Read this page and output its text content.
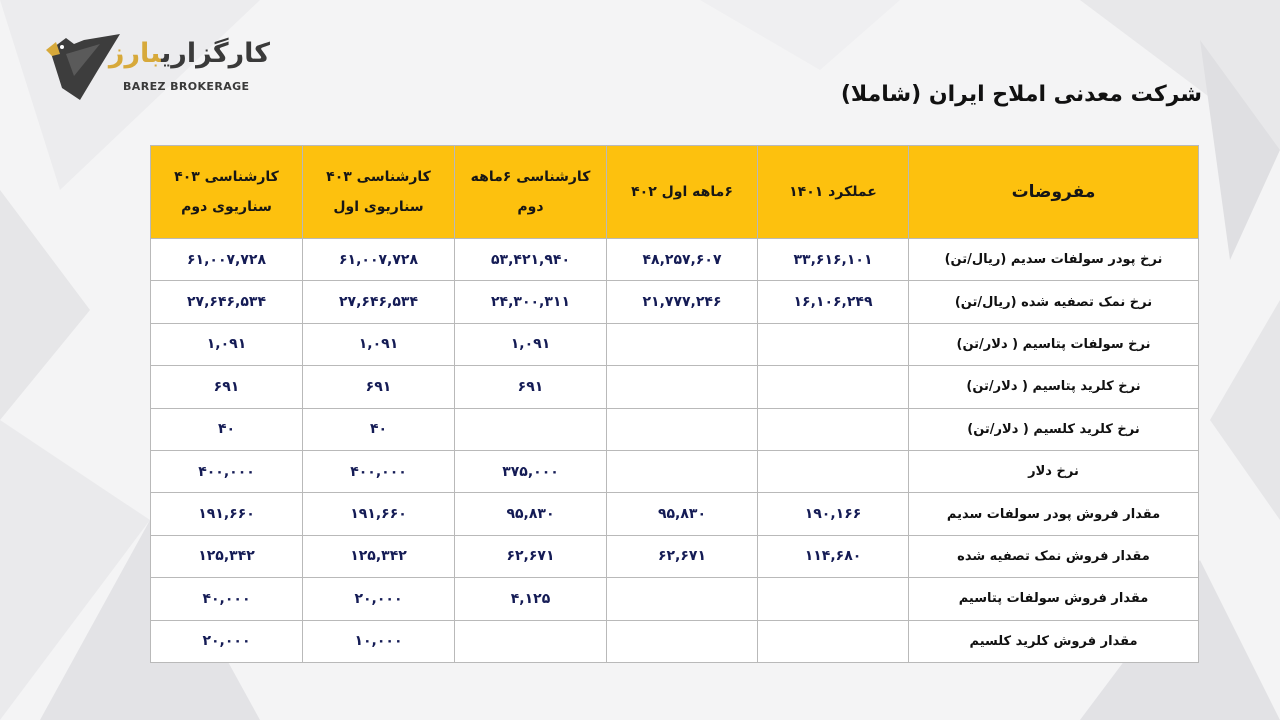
کارگزاریبارز
BAREZ BROKERAGE	شرکت معدنی املاح ایران (شاملا)
مفروضات	عملکرد ۱۴۰۱	۶ماهه اول ۴۰۲	کارشناسی ۶ماهه دوم	کارشناسی ۴۰۳ سناریوی اول	کارشناسی ۴۰۳ سناریوی دوم
نرخ پودر سولفات سدیم (ریال/تن)	۳۳,۶۱۶,۱۰۱	۴۸,۲۵۷,۶۰۷	۵۳,۴۲۱,۹۴۰	۶۱,۰۰۷,۷۲۸	۶۱,۰۰۷,۷۲۸
نرخ نمک تصفیه شده (ریال/تن)	۱۶,۱۰۶,۲۴۹	۲۱,۷۷۷,۲۴۶	۲۴,۳۰۰,۳۱۱	۲۷,۶۴۶,۵۳۴	۲۷,۶۴۶,۵۳۴
نرخ سولفات پتاسیم ( دلار/تن)			۱,۰۹۱	۱,۰۹۱	۱,۰۹۱
نرخ کلرید پتاسیم ( دلار/تن)			۶۹۱	۶۹۱	۶۹۱
نرخ کلرید کلسیم ( دلار/تن)				۴۰	۴۰
نرخ دلار			۳۷۵,۰۰۰	۴۰۰,۰۰۰	۴۰۰,۰۰۰
مقدار فروش پودر سولفات سدیم	۱۹۰,۱۶۶	۹۵,۸۳۰	۹۵,۸۳۰	۱۹۱,۶۶۰	۱۹۱,۶۶۰
مقدار فروش نمک تصفیه شده	۱۱۴,۶۸۰	۶۲,۶۷۱	۶۲,۶۷۱	۱۲۵,۳۴۲	۱۲۵,۳۴۲
مقدار فروش سولفات پتاسیم			۴,۱۲۵	۲۰,۰۰۰	۴۰,۰۰۰
مقدار فروش کلرید کلسیم				۱۰,۰۰۰	۲۰,۰۰۰
